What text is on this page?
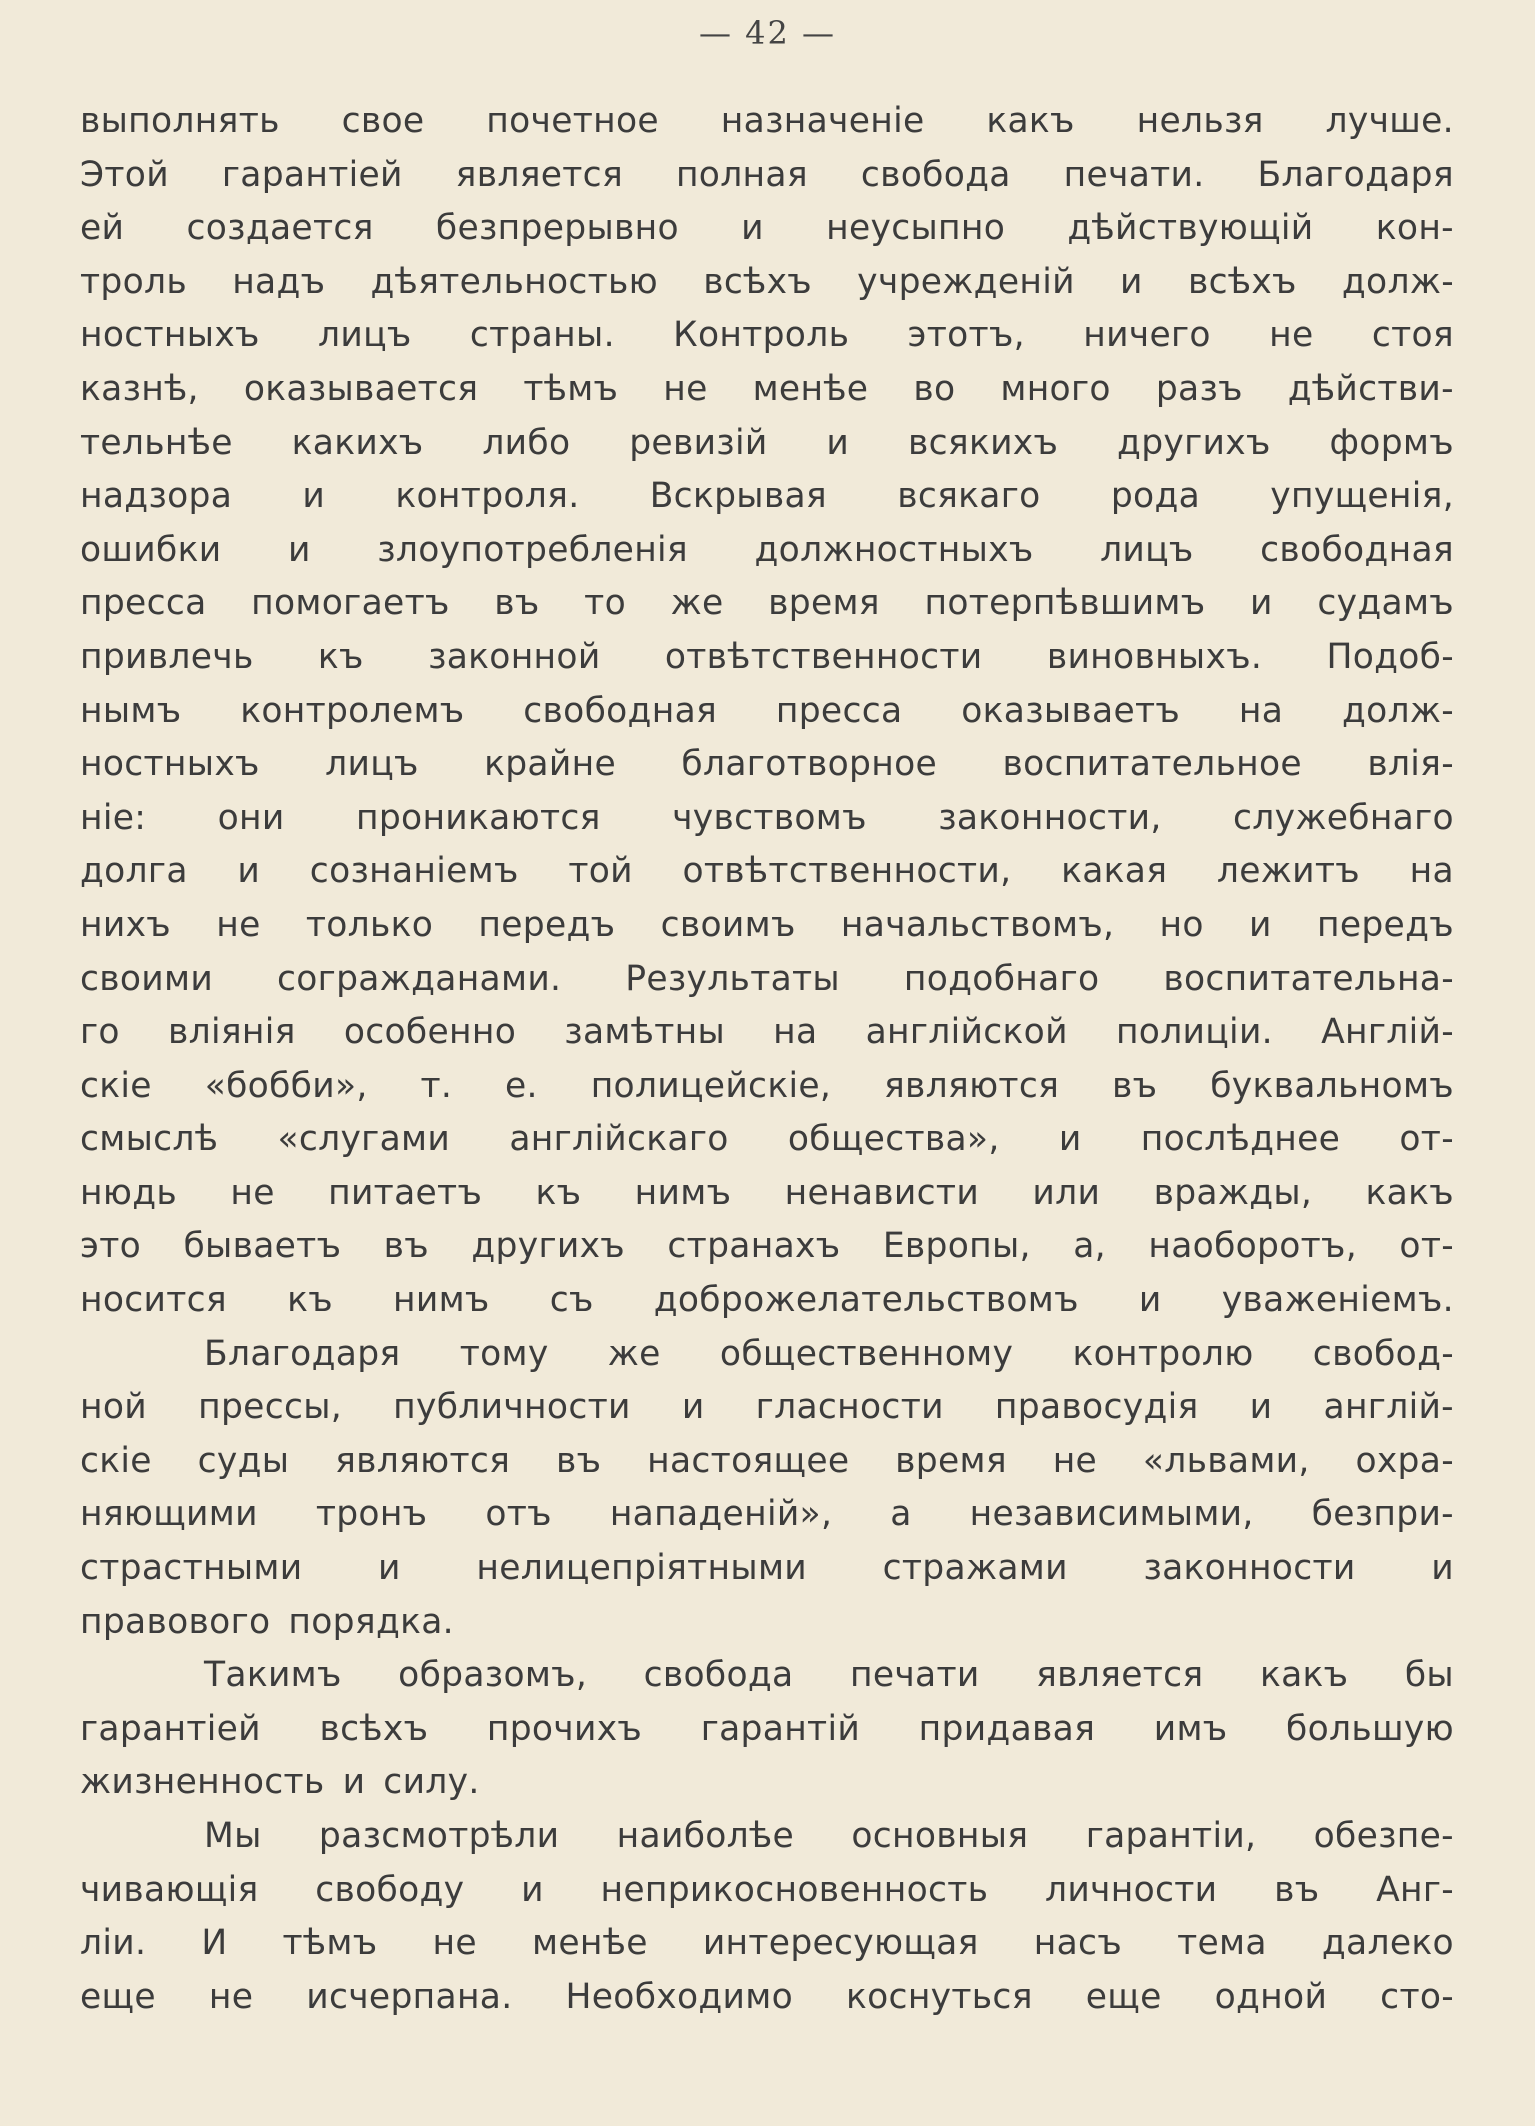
— 42 —
выполнять свое почетное назначеніе какъ нельзя лучше.
Этой гарантіей является полная свобода печати. Благодаря
ей создается безпрерывно и неусыпно дѣйствующій кон-
троль надъ дѣятельностью всѣхъ учрежденій и всѣхъ долж-
ностныхъ лицъ страны. Контроль этотъ, ничего не стоя
казнѣ, оказывается тѣмъ не менѣе во много разъ дѣйстви-
тельнѣе какихъ либо ревизій и всякихъ другихъ формъ
надзора и контроля. Вскрывая всякаго рода упущенія,
ошибки и злоупотребленія должностныхъ лицъ свободная
пресса помогаетъ въ то же время потерпѣвшимъ и судамъ
привлечь къ законной отвѣтственности виновныхъ. Подоб-
нымъ контролемъ свободная пресса оказываетъ на долж-
ностныхъ лицъ крайне благотворное воспитательное влія-
ніе: они проникаются чувствомъ законности, служебнаго
долга и сознаніемъ той отвѣтственности, какая лежитъ на
нихъ не только передъ своимъ начальствомъ, но и передъ
своими согражданами. Результаты подобнаго воспитательна-
го вліянія особенно замѣтны на англійской полиціи. Англій-
скіе «бобби», т. е. полицейскіе, являются въ буквальномъ
смыслѣ «слугами англійскаго общества», и послѣднее от-
нюдь не питаетъ къ нимъ ненависти или вражды, какъ
это бываетъ въ другихъ странахъ Европы, а, наоборотъ, от-
носится къ нимъ съ доброжелательствомъ и уваженіемъ.
Благодаря тому же общественному контролю свобод-
ной прессы, публичности и гласности правосудія и англій-
скіе суды являются въ настоящее время не «львами, охра-
няющими тронъ отъ нападеній», а независимыми, безпри-
страстными и нелицепріятными стражами законности и
правового порядка.
Такимъ образомъ, свобода печати является какъ бы
гарантіей всѣхъ прочихъ гарантій придавая имъ большую
жизненность и силу.
Мы разсмотрѣли наиболѣе основныя гарантіи, обезпе-
чивающія свободу и неприкосновенность личности въ Анг-
ліи. И тѣмъ не менѣе интересующая насъ тема далеко
еще не исчерпана. Необходимо коснуться еще одной сто-
